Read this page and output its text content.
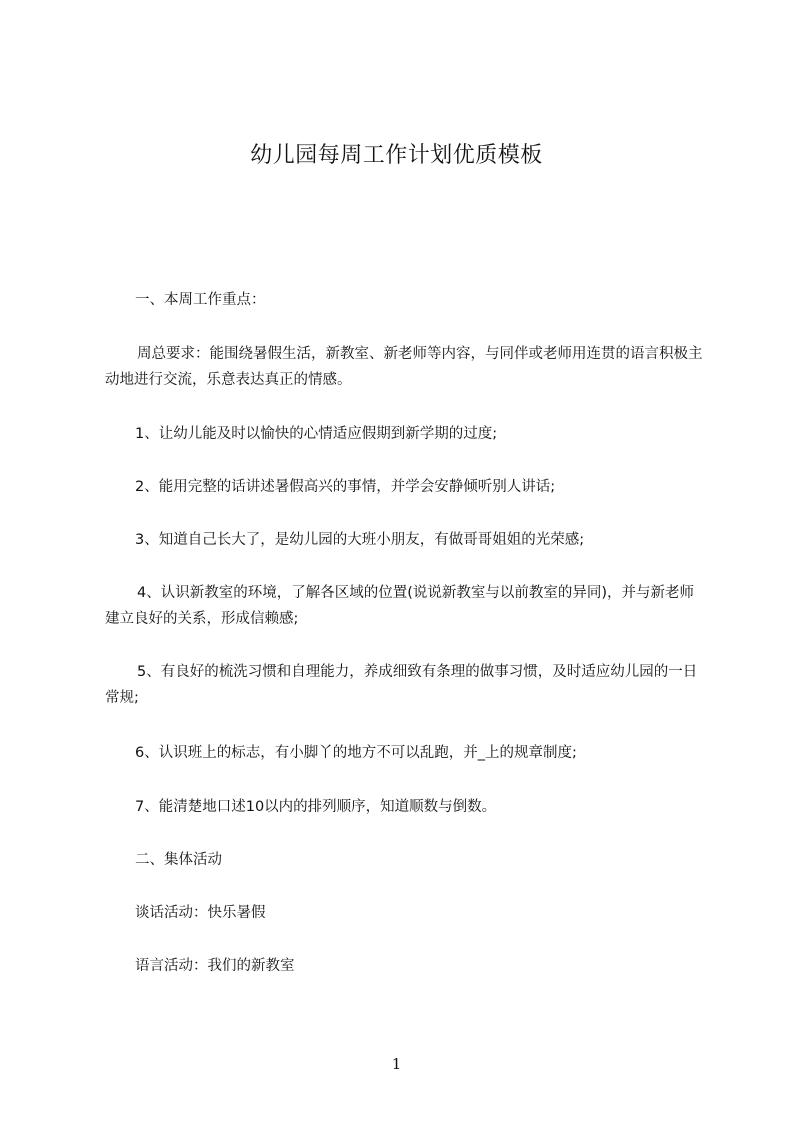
幼儿园每周工作计划优质模板

一、本周工作重点：

周总要求：能围绕暑假生活，新教室、新老师等内容，与同伴或老师用连贯的语言积极主动地进行交流，乐意表达真正的情感。

1、让幼儿能及时以愉快的心情适应假期到新学期的过度;

2、能用完整的话讲述暑假高兴的事情，并学会安静倾听别人讲话;

3、知道自己长大了，是幼儿园的大班小朋友，有做哥哥姐姐的光荣感;

4、认识新教室的环境，了解各区域的位置(说说新教室与以前教室的异同)，并与新老师建立良好的关系，形成信赖感;

5、有良好的梳洗习惯和自理能力，养成细致有条理的做事习惯，及时适应幼儿园的一日常规;

6、认识班上的标志，有小脚丫的地方不可以乱跑，并_上的规章制度;

7、能清楚地口述10以内的排列顺序，知道顺数与倒数。

二、集体活动

谈话活动：快乐暑假

语言活动：我们的新教室

1
